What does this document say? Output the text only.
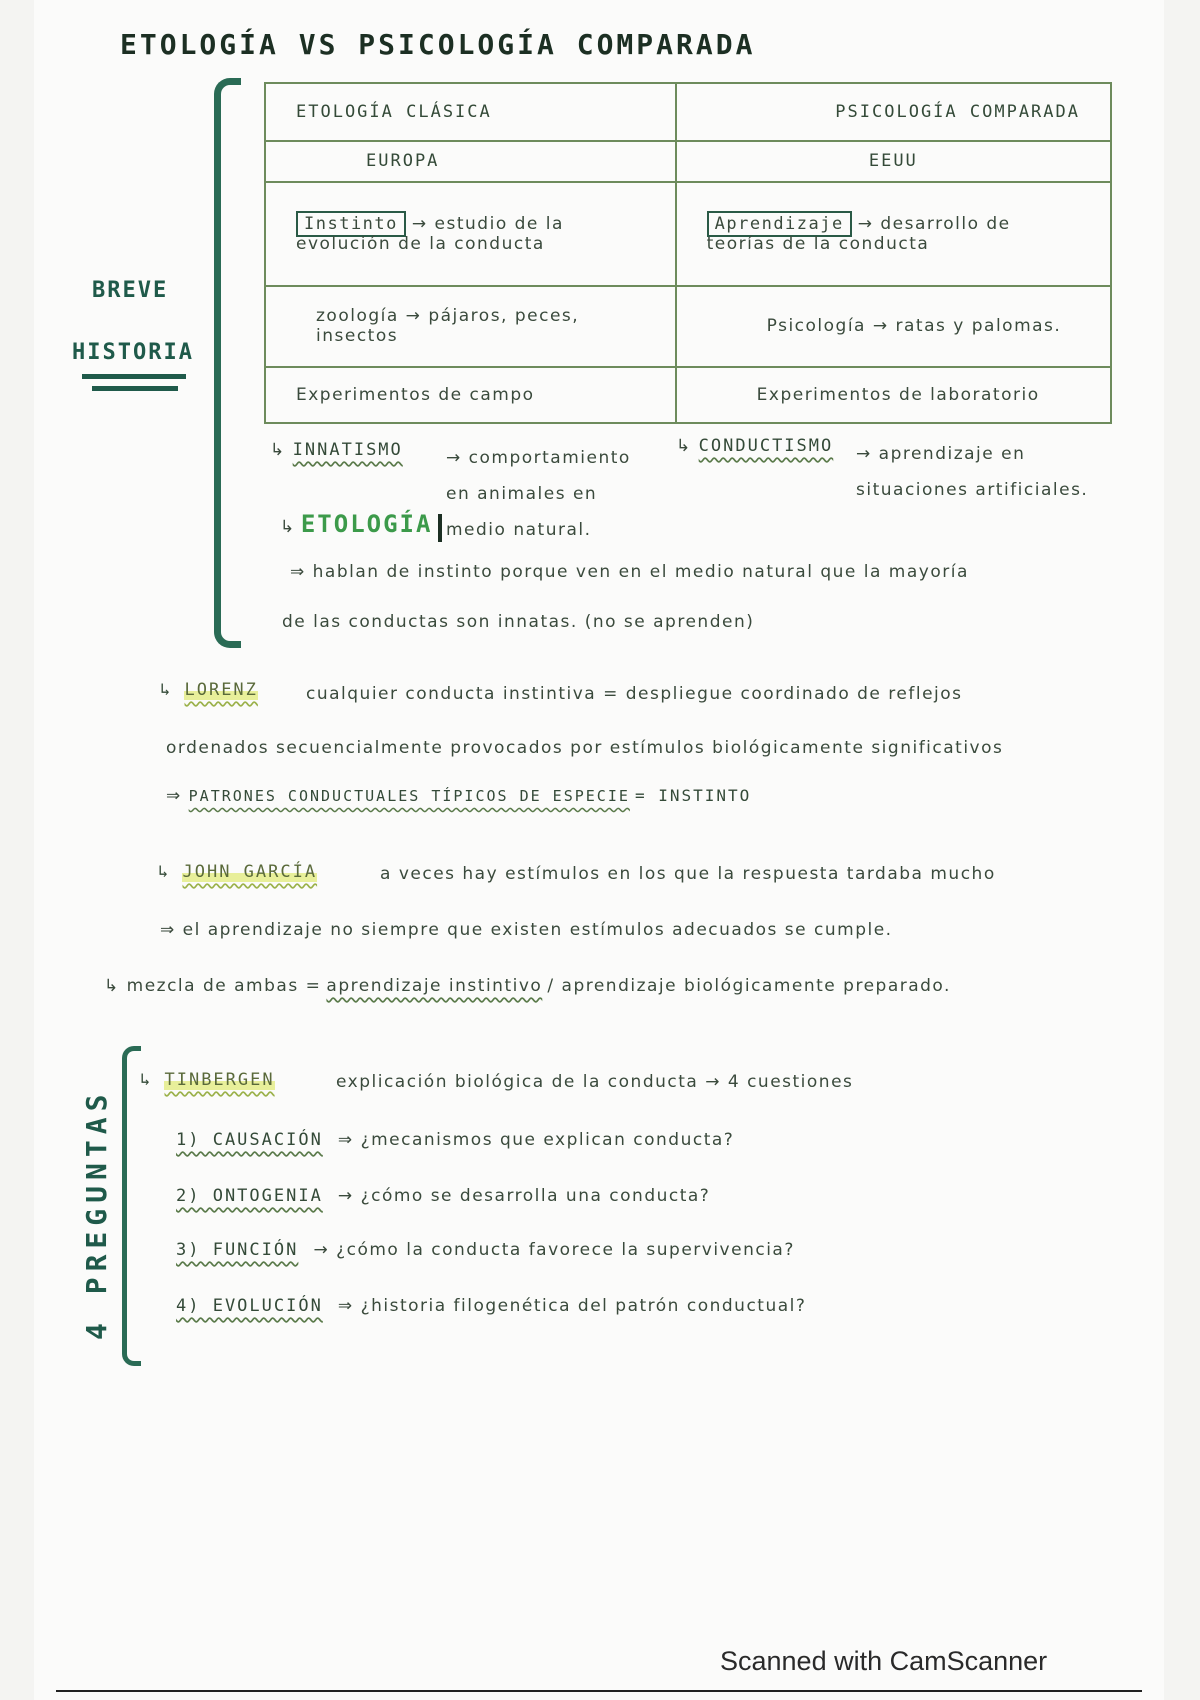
ETOLOGÍA VS PSICOLOGÍA COMPARADA
BREVE
HISTORIA
ETOLOGÍA CLÁSICA	PSICOLOGÍA COMPARADA
EUROPA	EEUU
Instinto → estudio de la evolución de la conducta	Aprendizaje → desarrollo de teorías de la conducta
zoología → pájaros, peces, insectos	Psicología → ratas y palomas.
Experimentos de campo	Experimentos de laboratorio
↳ INNATISMO	→ comportamiento en animales en medio natural.
↳ CONDUCTISMO → aprendizaje en situaciones artificiales.
↳ ETOLOGÍA
⇒ hablan de instinto porque ven en el medio natural que la mayoría
de las conductas son innatas. (no se aprenden)
↳ LORENZ	cualquier conducta instintiva = despliegue coordinado de reflejos
ordenados secuencialmente provocados por estímulos biológicamente significativos
⇒ PATRONES CONDUCTUALES TÍPICOS DE ESPECIE = INSTINTO
↳ JOHN GARCÍA	a veces hay estímulos en los que la respuesta tardaba mucho
⇒ el aprendizaje no siempre que existen estímulos adecuados se cumple.
↳ mezcla de ambas = aprendizaje instintivo / aprendizaje biológicamente preparado.
4 PREGUNTAS
↳ TINBERGEN	explicación biológica de la conducta → 4 cuestiones
1) CAUSACIÓN ⇒ ¿mecanismos que explican conducta?
2) ONTOGENIA → ¿cómo se desarrolla una conducta?
3) FUNCIÓN → ¿cómo la conducta favorece la supervivencia?
4) EVOLUCIÓN ⇒ ¿historia filogenética del patrón conductual?
Scanned with CamScanner
